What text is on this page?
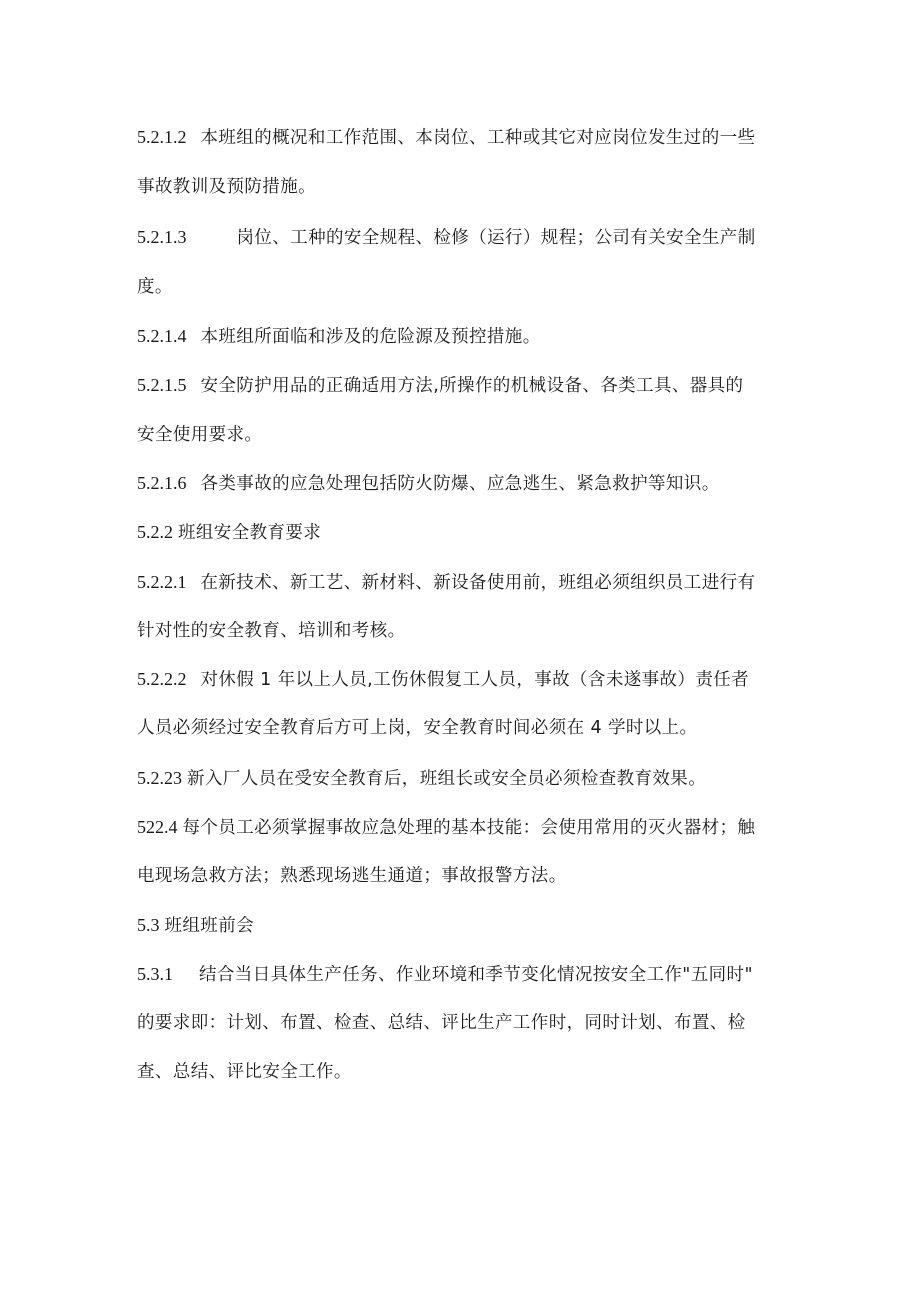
5.2.1.2 本班组的概况和工作范围、本岗位、工种或其它对应岗位发生过的一些
事故教训及预防措施。
5.2.1.3	岗位、工种的安全规程、检修（运行）规程；公司有关安全生产制
度。
5.2.1.4 本班组所面临和涉及的危险源及预控措施。
5.2.1.5 安全防护用品的正确适用方法,所操作的机械设备、各类工具、器具的
安全使用要求。
5.2.1.6 各类事故的应急处理包括防火防爆、应急逃生、紧急救护等知识。
5.2.2 班组安全教育要求
5.2.2.1 在新技术、新工艺、新材料、新设备使用前，班组必须组织员工进行有
针对性的安全教育、培训和考核。
5.2.2.2 对休假 1 年以上人员,工伤休假复工人员，事故（含未遂事故）责任者
人员必须经过安全教育后方可上岗，安全教育时间必须在 4 学时以上。
5.2.23 新入厂人员在受安全教育后，班组长或安全员必须检查教育效果。
522.4 每个员工必须掌握事故应急处理的基本技能：会使用常用的灭火器材；触
电现场急救方法；熟悉现场逃生通道；事故报警方法。
5.3 班组班前会
5.3.1 结合当日具体生产任务、作业环境和季节变化情况按安全工作"五同时"
的要求即：计划、布置、检查、总结、评比生产工作时，同时计划、布置、检
查、总结、评比安全工作。
